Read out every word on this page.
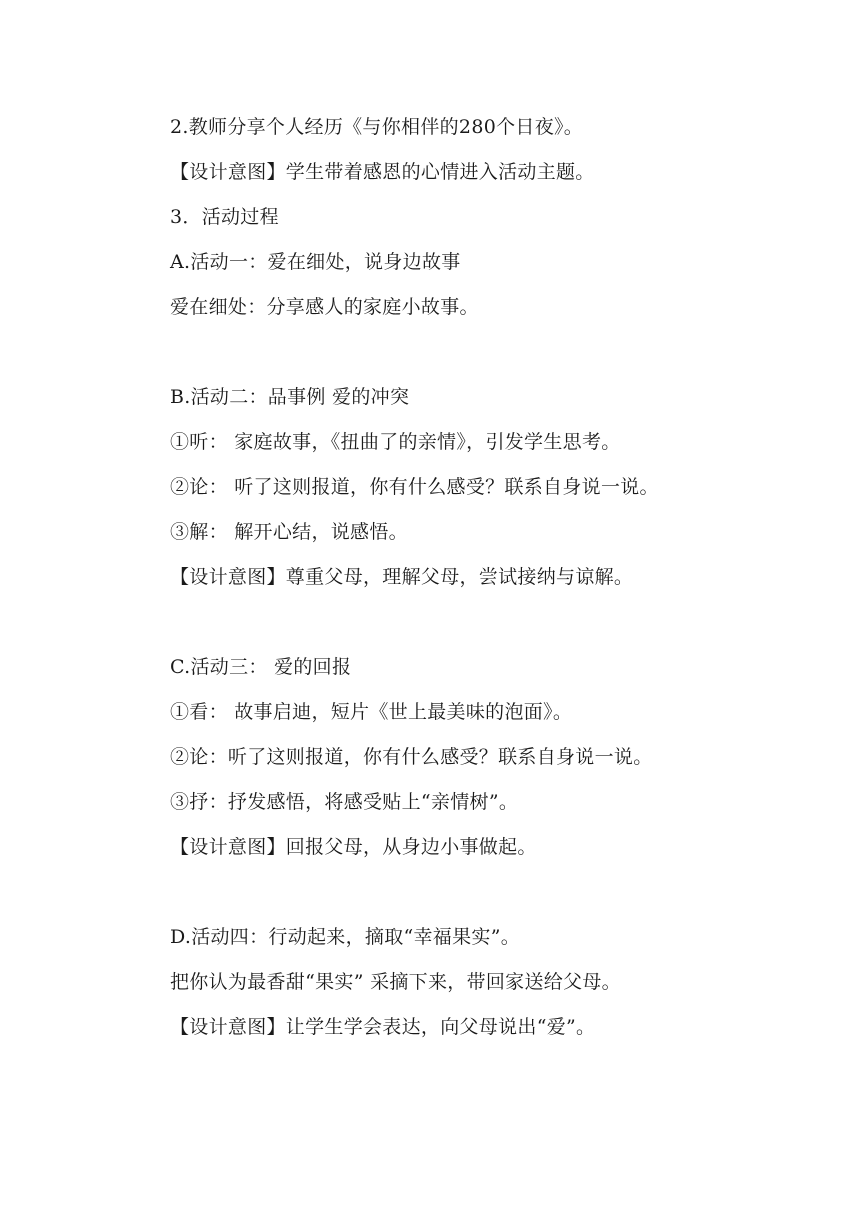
2.教师分享个人经历《与你相伴的280个日夜》。
【设计意图】学生带着感恩的心情进入活动主题。
3．活动过程
A.活动一：爱在细处，说身边故事
爱在细处：分享感人的家庭小故事。
B.活动二：品事例 爱的冲突
①听： 家庭故事，《扭曲了的亲情》，引发学生思考。
②论： 听了这则报道，你有什么感受？联系自身说一说。
③解： 解开心结，说感悟。
【设计意图】尊重父母，理解父母，尝试接纳与谅解。
C.活动三： 爱的回报
①看： 故事启迪，短片《世上最美味的泡面》。
②论：听了这则报道，你有什么感受？联系自身说一说。
③抒：抒发感悟，将感受贴上“亲情树”。
【设计意图】回报父母，从身边小事做起。
D.活动四：行动起来，摘取“幸福果实”。
把你认为最香甜“果实” 采摘下来，带回家送给父母。
【设计意图】让学生学会表达，向父母说出“爱”。
